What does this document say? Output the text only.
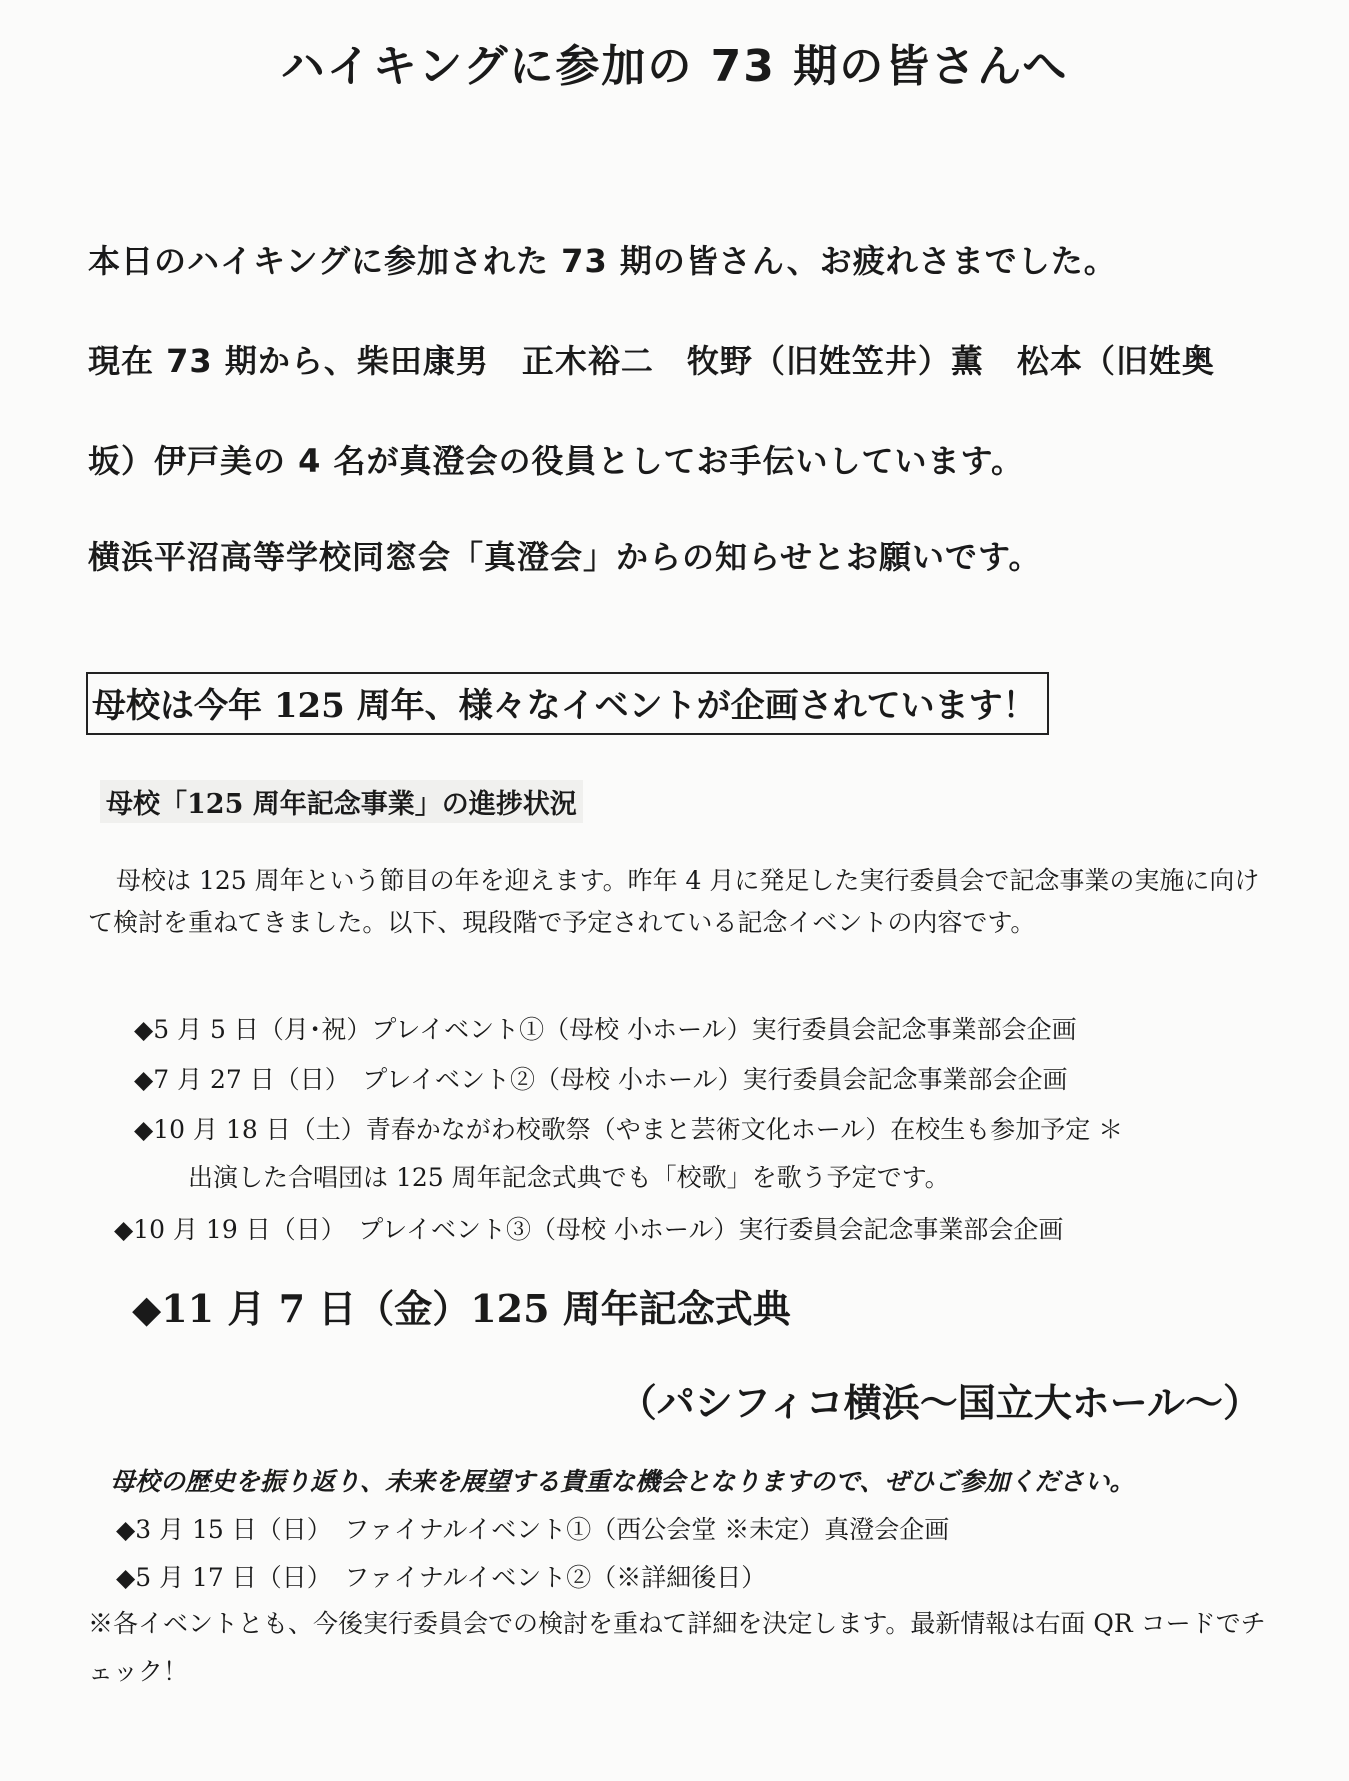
ハイキングに参加の 73 期の皆さんへ
本日のハイキングに参加された 73 期の皆さん、お疲れさまでした。
現在 73 期から、柴田康男　正木裕二　牧野（旧姓笠井）薫　松本（旧姓奥
坂）伊戸美の 4 名が真澄会の役員としてお手伝いしています。
横浜平沼高等学校同窓会「真澄会」からの知らせとお願いです。
母校は今年 125 周年、様々なイベントが企画されています！
母校「125 周年記念事業」の進捗状況
母校は 125 周年という節目の年を迎えます。昨年 4 月に発足した実行委員会で記念事業の実施に向けて検討を重ねてきました。以下、現段階で予定されている記念イベントの内容です。
◆5 月 5 日（月･祝）プレイベント①（母校 小ホール）実行委員会記念事業部会企画
◆7 月 27 日（日）　プレイベント②（母校 小ホール）実行委員会記念事業部会企画
◆10 月 18 日（土）青春かながわ校歌祭（やまと芸術文化ホール）在校生も参加予定 ＊
出演した合唱団は 125 周年記念式典でも「校歌」を歌う予定です。
◆10 月 19 日（日）　プレイベント③（母校 小ホール）実行委員会記念事業部会企画
◆11 月 7 日（金）125 周年記念式典
（パシフィコ横浜～国立大ホール～）
母校の歴史を振り返り、未来を展望する貴重な機会となりますので、ぜひご参加ください。
◆3 月 15 日（日）　ファイナルイベント①（西公会堂 ※未定）真澄会企画
◆5 月 17 日（日）　ファイナルイベント②（※詳細後日）
※各イベントとも、今後実行委員会での検討を重ねて詳細を決定します。最新情報は右面 QR コードでチェック！
